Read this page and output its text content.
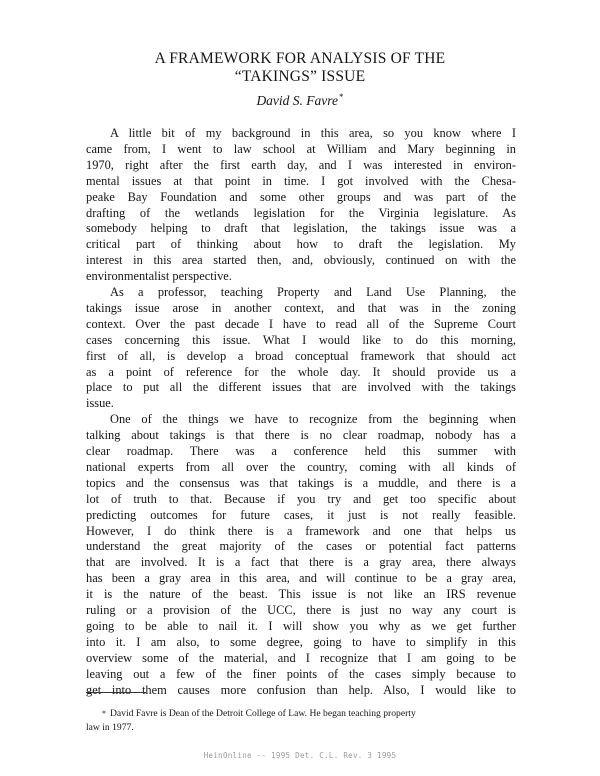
A FRAMEWORK FOR ANALYSIS OF THE
“TAKINGS” ISSUE
David S. Favre*
A little bit of my background in this area, so you know where I
came from, I went to law school at William and Mary beginning in
1970, right after the first earth day, and I was interested in environ-
mental issues at that point in time. I got involved with the Chesa-
peake Bay Foundation and some other groups and was part of the
drafting of the wetlands legislation for the Virginia legislature. As
somebody helping to draft that legislation, the takings issue was a
critical part of thinking about how to draft the legislation. My
interest in this area started then, and, obviously, continued on with the
environmentalist perspective.
As a professor, teaching Property and Land Use Planning, the
takings issue arose in another context, and that was in the zoning
context. Over the past decade I have to read all of the Supreme Court
cases concerning this issue. What I would like to do this morning,
first of all, is develop a broad conceptual framework that should act
as a point of reference for the whole day. It should provide us a
place to put all the different issues that are involved with the takings
issue.
One of the things we have to recognize from the beginning when
talking about takings is that there is no clear roadmap, nobody has a
clear roadmap. There was a conference held this summer with
national experts from all over the country, coming with all kinds of
topics and the consensus was that takings is a muddle, and there is a
lot of truth to that. Because if you try and get too specific about
predicting outcomes for future cases, it just is not really feasible.
However, I do think there is a framework and one that helps us
understand the great majority of the cases or potential fact patterns
that are involved. It is a fact that there is a gray area, there always
has been a gray area in this area, and will continue to be a gray area,
it is the nature of the beast. This issue is not like an IRS revenue
ruling or a provision of the UCC, there is just no way any court is
going to be able to nail it. I will show you why as we get further
into it. I am also, to some degree, going to have to simplify in this
overview some of the material, and I recognize that I am going to be
leaving out a few of the finer points of the cases simply because to
get into them causes more confusion than help. Also, I would like to
* David Favre is Dean of the Detroit College of Law. He began teaching property
law in 1977.
HeinOnline -- 1995 Det. C.L. Rev. 3 1995
